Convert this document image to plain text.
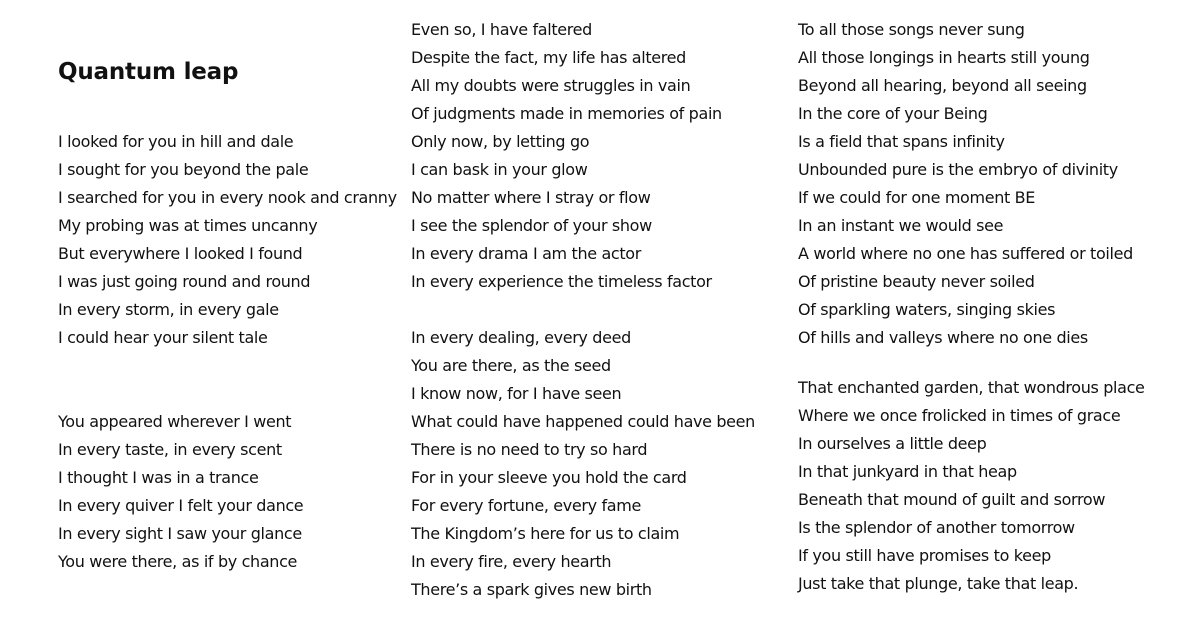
Quantum leap
I looked for you in hill and dale
I sought for you beyond the pale
I searched for you in every nook and cranny
My probing was at times uncanny
But everywhere I looked I found
I was just going round and round
In every storm, in every gale
I could hear your silent tale
You appeared wherever I went
In every taste, in every scent
I thought I was in a trance
In every quiver I felt your dance
In every sight I saw your glance
You were there, as if by chance
Even so, I have faltered
Despite the fact, my life has altered
All my doubts were struggles in vain
Of judgments made in memories of pain
Only now, by letting go
I can bask in your glow
No matter where I stray or flow
I see the splendor of your show
In every drama I am the actor
In every experience the timeless factor
In every dealing, every deed
You are there, as the seed
I know now, for I have seen
What could have happened could have been
There is no need to try so hard
For in your sleeve you hold the card
For every fortune, every fame
The Kingdom’s here for us to claim
In every fire, every hearth
There’s a spark gives new birth
To all those songs never sung
All those longings in hearts still young
Beyond all hearing, beyond all seeing
In the core of your Being
Is a field that spans infinity
Unbounded pure is the embryo of divinity
If we could for one moment BE
In an instant we would see
A world where no one has suffered or toiled
Of pristine beauty never soiled
Of sparkling waters, singing skies
Of hills and valleys where no one dies
That enchanted garden, that wondrous place
Where we once frolicked in times of grace
In ourselves a little deep
In that junkyard in that heap
Beneath that mound of guilt and sorrow
Is the splendor of another tomorrow
If you still have promises to keep
Just take that plunge, take that leap.
